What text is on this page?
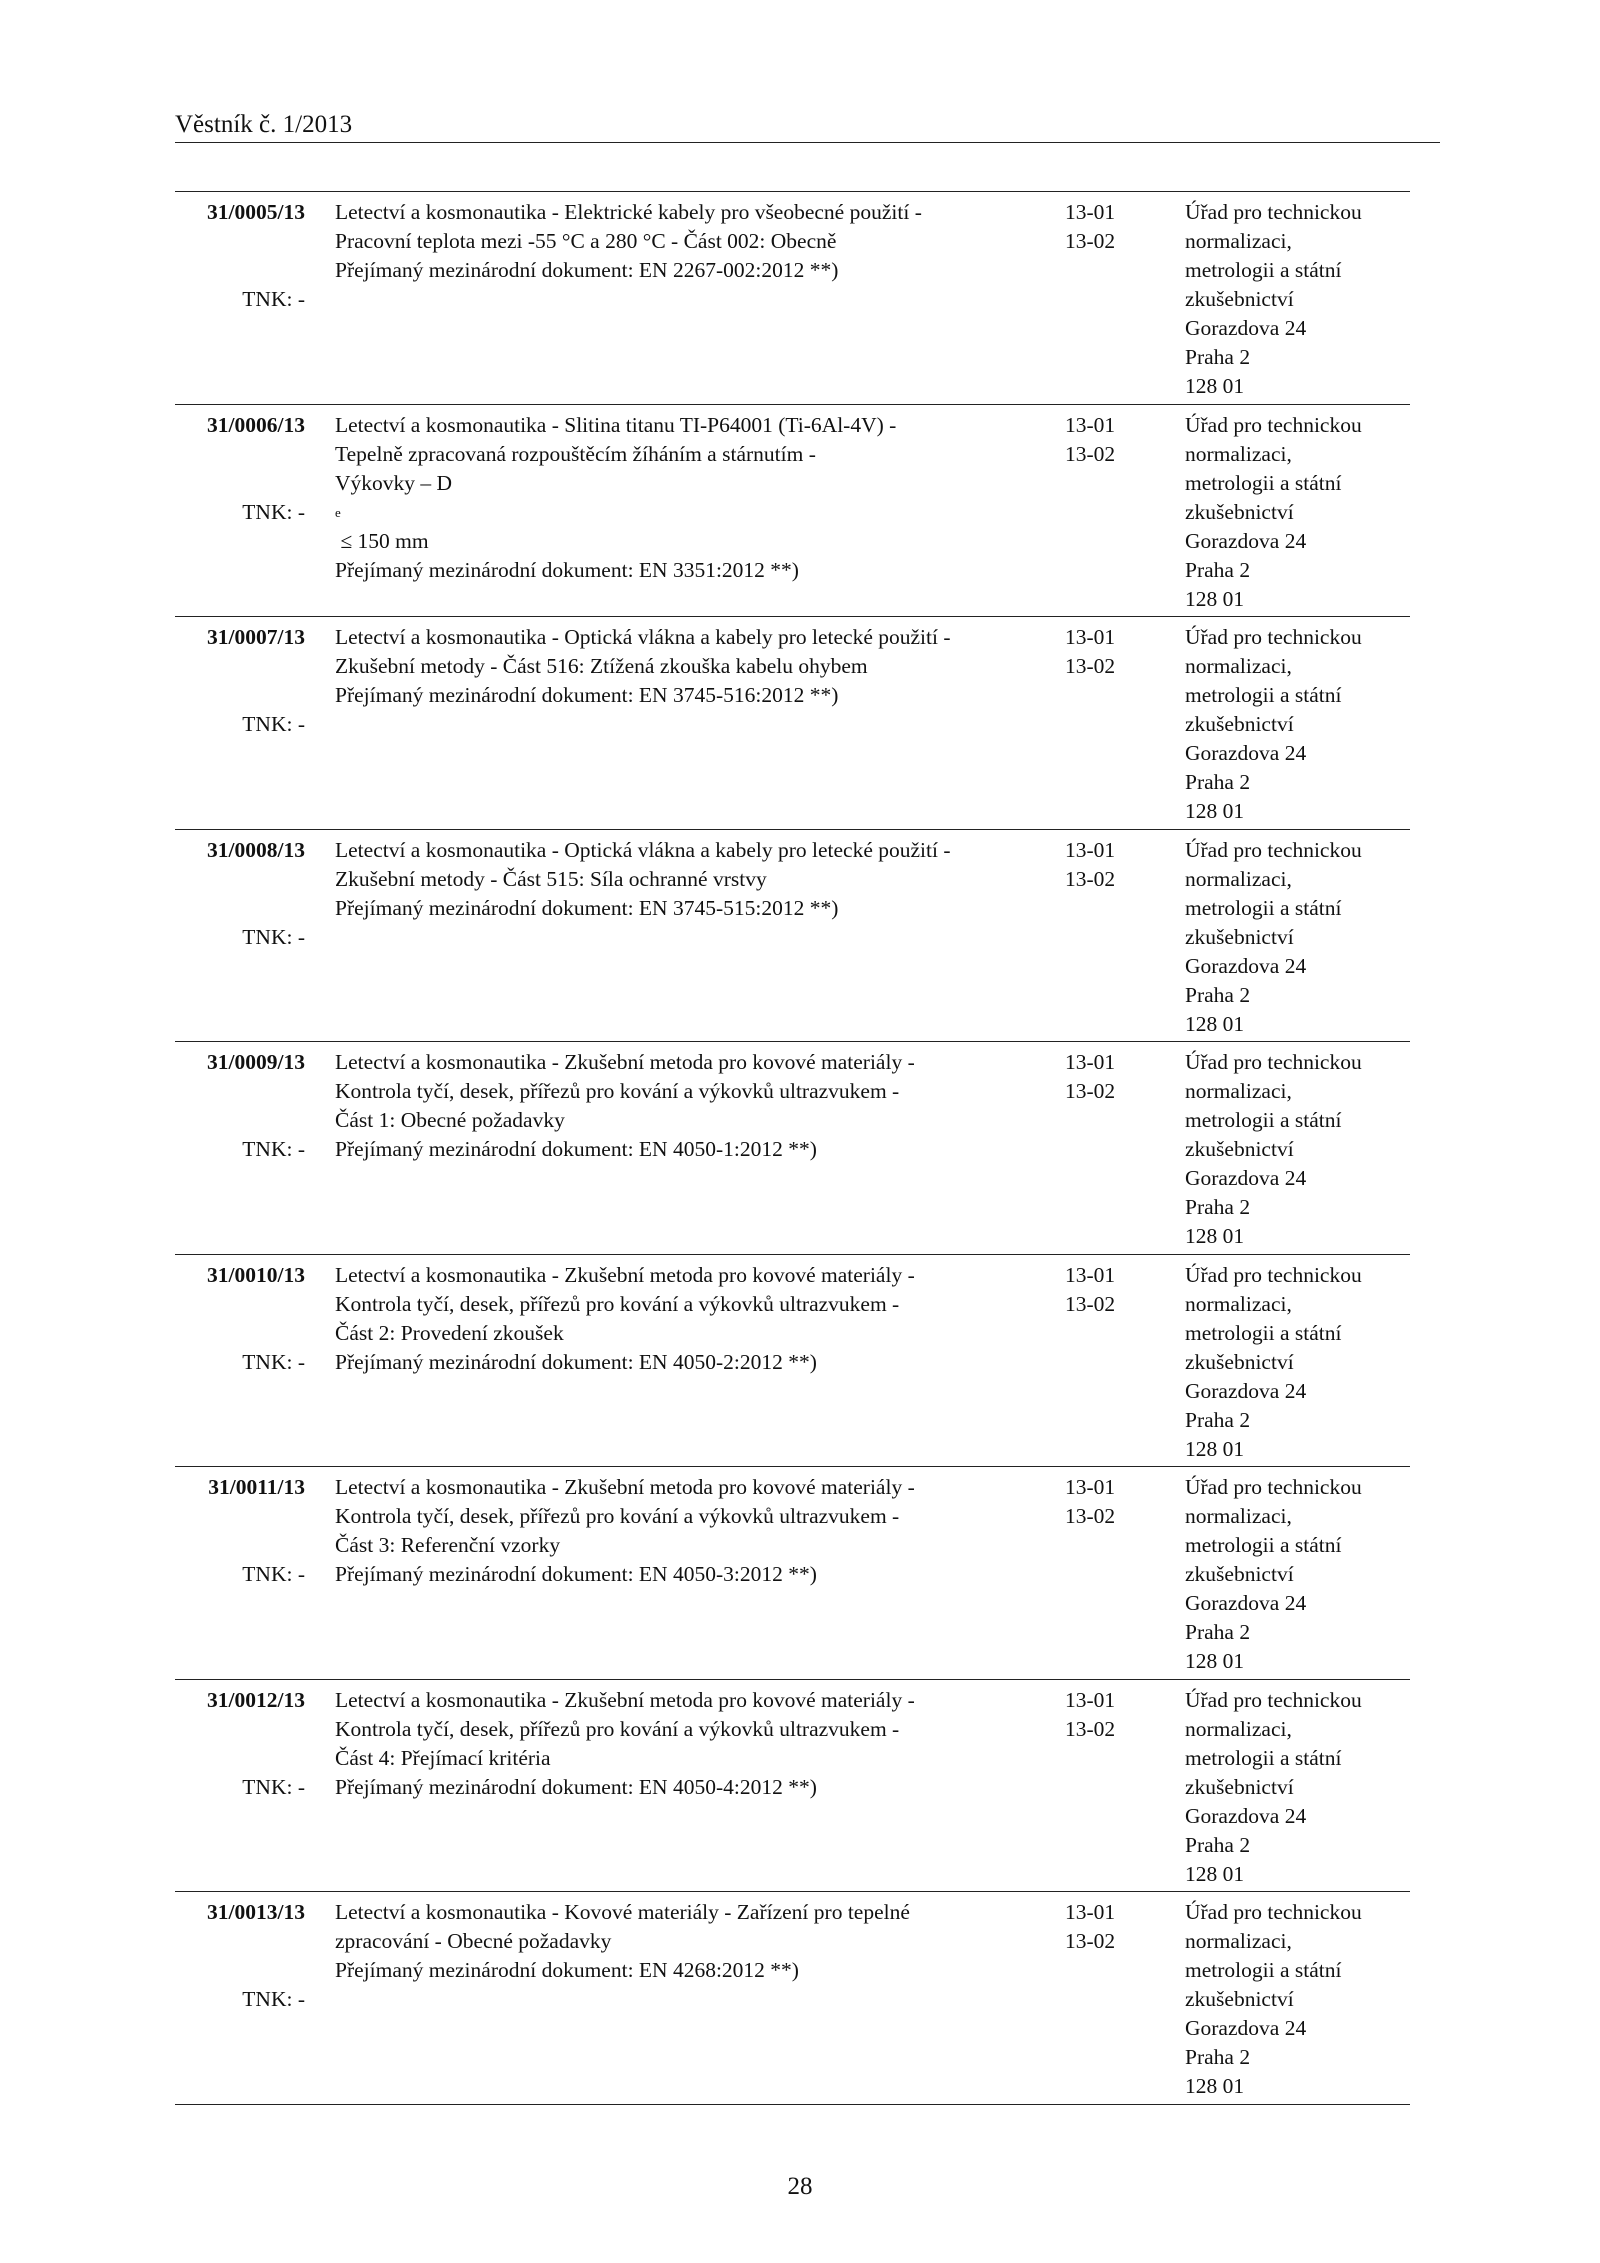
Věstník č. 1/2013
31/0005/13
TNK: -
Letectví a kosmonautika - Elektrické kabely pro všeobecné použití -
Pracovní teplota mezi -55 °C a 280 °C - Část 002: Obecně
Přejímaný mezinárodní dokument: EN 2267-002:2012 **)
13-01
13-02
Úřad pro technickou
normalizaci,
metrologii a státní
zkušebnictví
Gorazdova 24
Praha 2
128 01
31/0006/13
TNK: -
Letectví a kosmonautika - Slitina titanu TI-P64001 (Ti-6Al-4V) -
Tepelně zpracovaná rozpouštěcím žíháním a stárnutím -
Výkovky – D
e
≤ 150 mm
Přejímaný mezinárodní dokument: EN 3351:2012 **)
13-01
13-02
Úřad pro technickou
normalizaci,
metrologii a státní
zkušebnictví
Gorazdova 24
Praha 2
128 01
31/0007/13
TNK: -
Letectví a kosmonautika - Optická vlákna a kabely pro letecké použití -
Zkušební metody - Část 516: Ztížená zkouška kabelu ohybem
Přejímaný mezinárodní dokument: EN 3745-516:2012 **)
13-01
13-02
Úřad pro technickou
normalizaci,
metrologii a státní
zkušebnictví
Gorazdova 24
Praha 2
128 01
31/0008/13
TNK: -
Letectví a kosmonautika - Optická vlákna a kabely pro letecké použití -
Zkušební metody - Část 515: Síla ochranné vrstvy
Přejímaný mezinárodní dokument: EN 3745-515:2012 **)
13-01
13-02
Úřad pro technickou
normalizaci,
metrologii a státní
zkušebnictví
Gorazdova 24
Praha 2
128 01
31/0009/13
TNK: -
Letectví a kosmonautika - Zkušební metoda pro kovové materiály -
Kontrola tyčí, desek, přířezů pro kování a výkovků ultrazvukem -
Část 1: Obecné požadavky
Přejímaný mezinárodní dokument: EN 4050-1:2012 **)
13-01
13-02
Úřad pro technickou
normalizaci,
metrologii a státní
zkušebnictví
Gorazdova 24
Praha 2
128 01
31/0010/13
TNK: -
Letectví a kosmonautika - Zkušební metoda pro kovové materiály -
Kontrola tyčí, desek, přířezů pro kování a výkovků ultrazvukem -
Část 2: Provedení zkoušek
Přejímaný mezinárodní dokument: EN 4050-2:2012 **)
13-01
13-02
Úřad pro technickou
normalizaci,
metrologii a státní
zkušebnictví
Gorazdova 24
Praha 2
128 01
31/0011/13
TNK: -
Letectví a kosmonautika - Zkušební metoda pro kovové materiály -
Kontrola tyčí, desek, přířezů pro kování a výkovků ultrazvukem -
Část 3: Referenční vzorky
Přejímaný mezinárodní dokument: EN 4050-3:2012 **)
13-01
13-02
Úřad pro technickou
normalizaci,
metrologii a státní
zkušebnictví
Gorazdova 24
Praha 2
128 01
31/0012/13
TNK: -
Letectví a kosmonautika - Zkušební metoda pro kovové materiály -
Kontrola tyčí, desek, přířezů pro kování a výkovků ultrazvukem -
Část 4: Přejímací kritéria
Přejímaný mezinárodní dokument: EN 4050-4:2012 **)
13-01
13-02
Úřad pro technickou
normalizaci,
metrologii a státní
zkušebnictví
Gorazdova 24
Praha 2
128 01
31/0013/13
TNK: -
Letectví a kosmonautika - Kovové materiály - Zařízení pro tepelné
zpracování - Obecné požadavky
Přejímaný mezinárodní dokument: EN 4268:2012 **)
13-01
13-02
Úřad pro technickou
normalizaci,
metrologii a státní
zkušebnictví
Gorazdova 24
Praha 2
128 01
28
